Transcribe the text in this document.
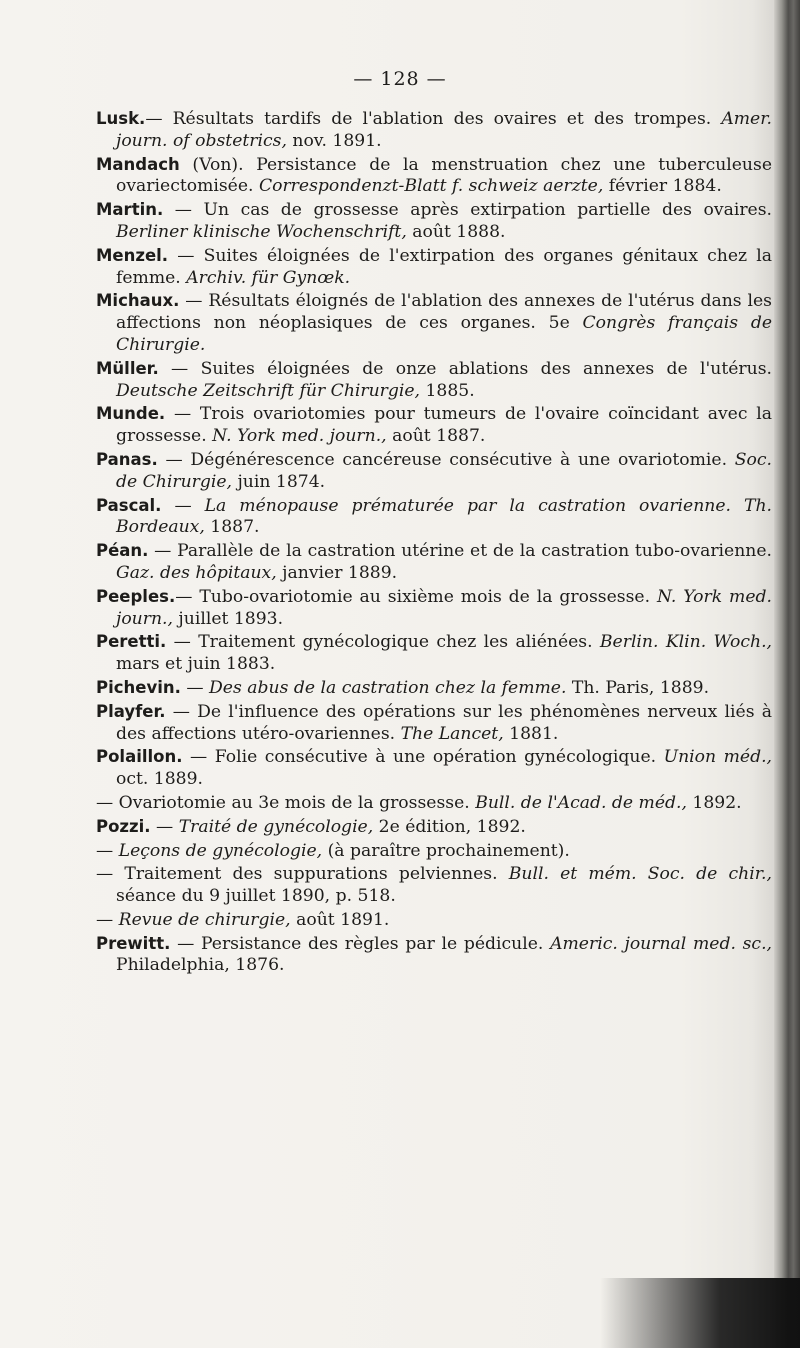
— 128 —

Lusk.— Résultats tardifs de l'ablation des ovaires et des trompes. Amer. journ. of obstetrics, nov. 1891.

Mandach (Von). Persistance de la menstruation chez une tuberculeuse ovariectomisée. Correspondenzt-Blatt f. schweiz aerzte, février 1884.

Martin. — Un cas de grossesse après extirpation partielle des ovaires. Berliner klinische Wochenschrift, août 1888.

Menzel. — Suites éloignées de l'extirpation des organes génitaux chez la femme. Archiv. für Gynœk.

Michaux. — Résultats éloignés de l'ablation des annexes de l'utérus dans les affections non néoplasiques de ces organes. 5e Congrès français de Chirurgie.

Müller. — Suites éloignées de onze ablations des annexes de l'utérus. Deutsche Zeitschrift für Chirurgie, 1885.

Munde. — Trois ovariotomies pour tumeurs de l'ovaire coïncidant avec la grossesse. N. York med. journ., août 1887.

Panas. — Dégénérescence cancéreuse consécutive à une ovariotomie. Soc. de Chirurgie, juin 1874.

Pascal. — La ménopause prématurée par la castration ovarienne. Th. Bordeaux, 1887.

Péan. — Parallèle de la castration utérine et de la castration tubo-ovarienne. Gaz. des hôpitaux, janvier 1889.

Peeples.— Tubo-ovariotomie au sixième mois de la grossesse. N. York med. journ., juillet 1893.

Peretti. — Traitement gynécologique chez les aliénées. Berlin. Klin. Woch., mars et juin 1883.

Pichevin. — Des abus de la castration chez la femme. Th. Paris, 1889.

Playfer. — De l'influence des opérations sur les phénomènes nerveux liés à des affections utéro-ovariennes. The Lancet, 1881.

Polaillon. — Folie consécutive à une opération gynécologique. Union méd., oct. 1889.

— Ovariotomie au 3e mois de la grossesse. Bull. de l'Acad. de méd., 1892.

Pozzi. — Traité de gynécologie, 2e édition, 1892.

— Leçons de gynécologie, (à paraître prochainement).

— Traitement des suppurations pelviennes. Bull. et mém. Soc. de chir., séance du 9 juillet 1890, p. 518.

— Revue de chirurgie, août 1891.

Prewitt. — Persistance des règles par le pédicule. Americ. journal med. sc., Philadelphia, 1876.
